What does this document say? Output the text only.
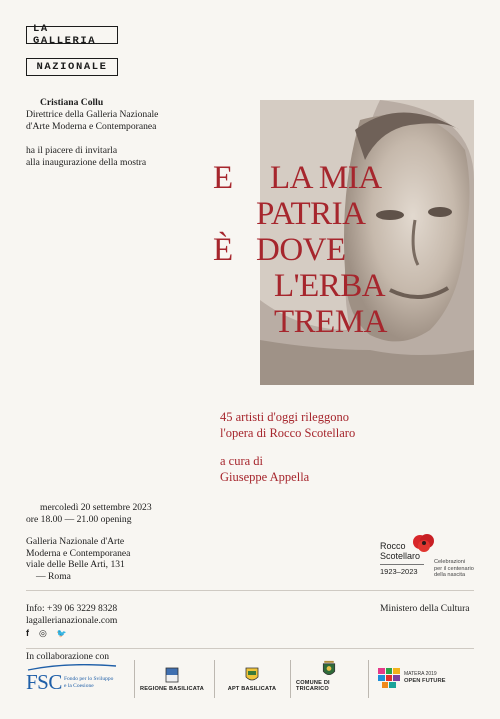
LA GALLERIA
NAZIONALE
Cristiana Collu
Direttrice della Galleria Nazionale
d'Arte Moderna e Contemporanea
ha il piacere di invitarla
alla inaugurazione della mostra E
È
LA MIA
PATRIA
DOVE
L'ERBA
TREMA
45 artisti d'oggi rileggono
l'opera di Rocco Scotellaro
a cura di
Giuseppe Appella
mercoledì 20 settembre 2023
ore 18.00 — 21.00 opening
Galleria Nazionale d'Arte
Moderna e Contemporanea
viale delle Belle Arti, 131
— Roma
Rocco
Scotellaro
1923–2023
Celebrazioni
per il centenario
della nascita
Info: +39 06 3229 8328
lagallerianazionale.com
f ◎ 🐦
Ministero della Cultura
In collaborazione con
FSC Fondo per lo Sviluppo
e la Coesione	REGIONE BASILICATA	APT BASILICATA
COMUNE DI TRICARICO
MATERA 2019
OPEN FUTURE
